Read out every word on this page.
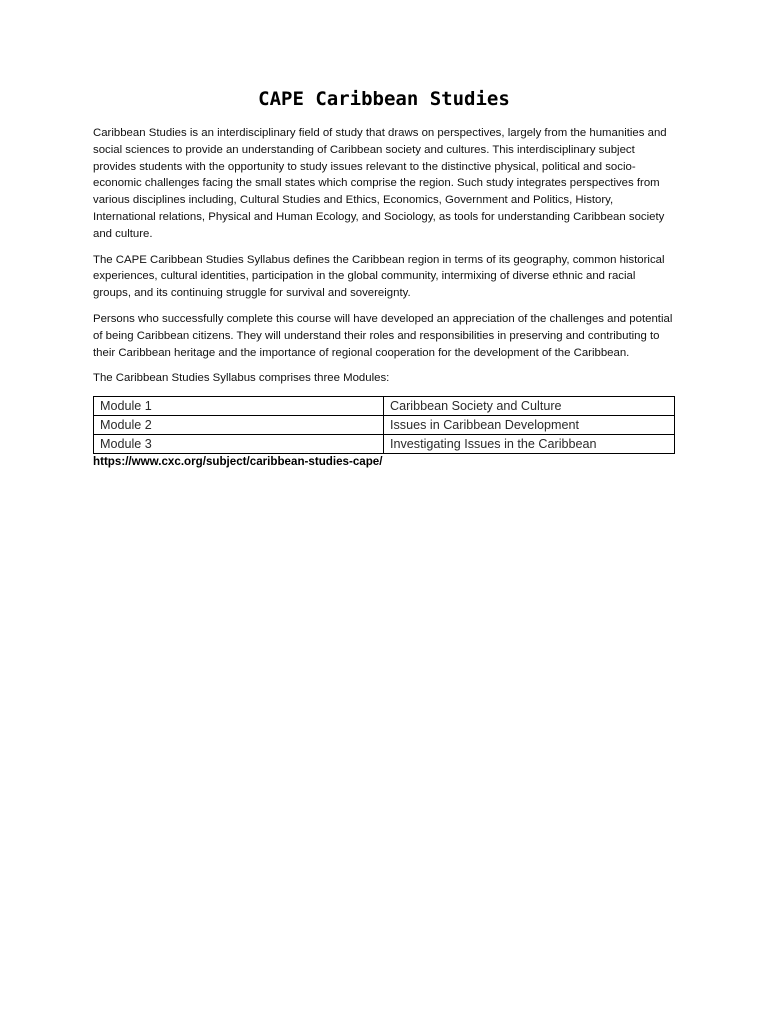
CAPE Caribbean Studies

Caribbean Studies is an interdisciplinary field of study that draws on perspectives, largely from the humanities and social sciences to provide an understanding of Caribbean society and cultures. This interdisciplinary subject provides students with the opportunity to study issues relevant to the distinctive physical, political and socio-economic challenges facing the small states which comprise the region. Such study integrates perspectives from various disciplines including, Cultural Studies and Ethics, Economics, Government and Politics, History, International relations, Physical and Human Ecology, and Sociology, as tools for understanding Caribbean society and culture.

The CAPE Caribbean Studies Syllabus defines the Caribbean region in terms of its geography, common historical experiences, cultural identities, participation in the global community, intermixing of diverse ethnic and racial groups, and its continuing struggle for survival and sovereignty.

Persons who successfully complete this course will have developed an appreciation of the challenges and potential of being Caribbean citizens. They will understand their roles and responsibilities in preserving and contributing to their Caribbean heritage and the importance of regional cooperation for the development of the Caribbean.

The Caribbean Studies Syllabus comprises three Modules:

Module 1	Caribbean Society and Culture
Module 2	Issues in Caribbean Development
Module 3	Investigating Issues in the Caribbean

https://www.cxc.org/subject/caribbean-studies-cape/
